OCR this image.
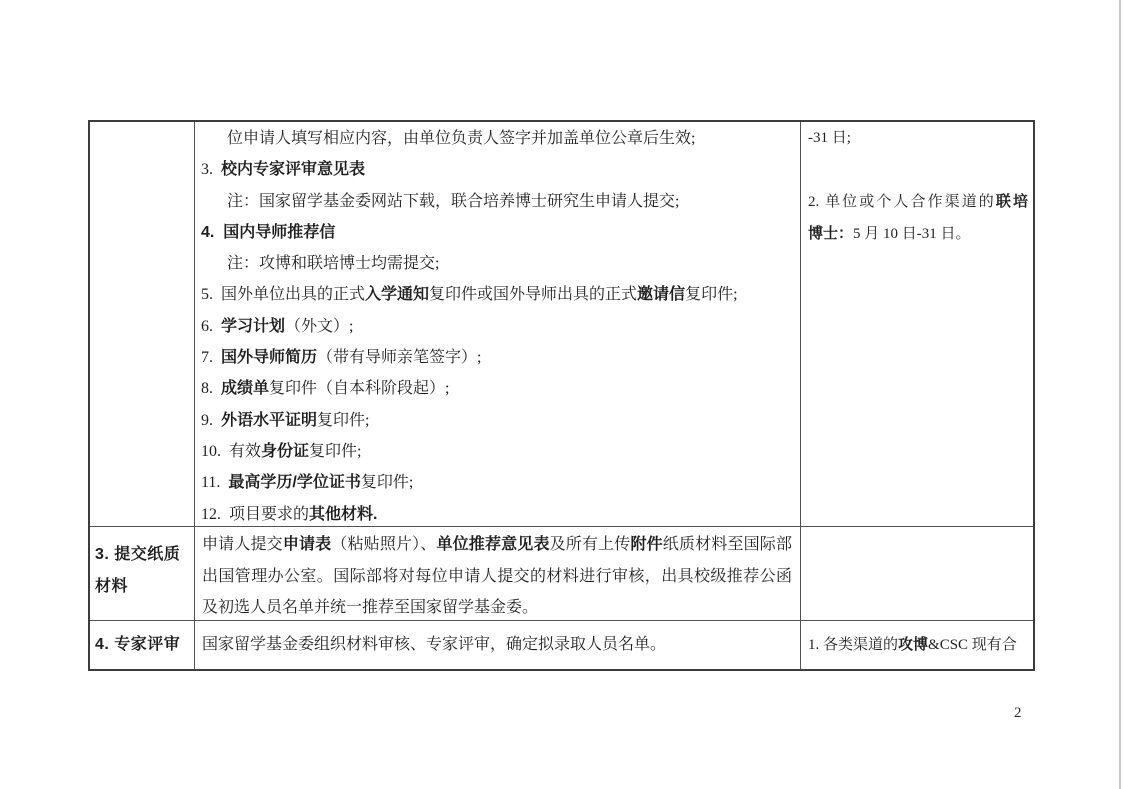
位申请人填写相应内容，由单位负责人签字并加盖单位公章后生效;
3.  校内专家评审意见表
注：国家留学基金委网站下载，联合培养博士研究生申请人提交;
4.  国内导师推荐信
注：攻博和联培博士均需提交;
5.  国外单位出具的正式入学通知复印件或国外导师出具的正式邀请信复印件;
6.  学习计划（外文）;
7.  国外导师简历（带有导师亲笔签字）;
8.  成绩单复印件（自本科阶段起）;
9.  外语水平证明复印件;
10.  有效身份证复印件;
11.  最高学历/学位证书复印件;
12.  项目要求的其他材料.
-31 日;

2. 单位或个人合作渠道的联培
博士：5 月 10 日-31 日。
3. 提交纸质材料
申请人提交申请表（粘贴照片）、单位推荐意见表及所有上传附件纸质材料至国际部出国管理办公室。国际部将对每位申请人提交的材料进行审核，出具校级推荐公函及初选人员名单并统一推荐至国家留学基金委。
4. 专家评审	国家留学基金委组织材料审核、专家评审，确定拟录取人员名单。	1. 各类渠道的攻博&CSC 现有合
2
